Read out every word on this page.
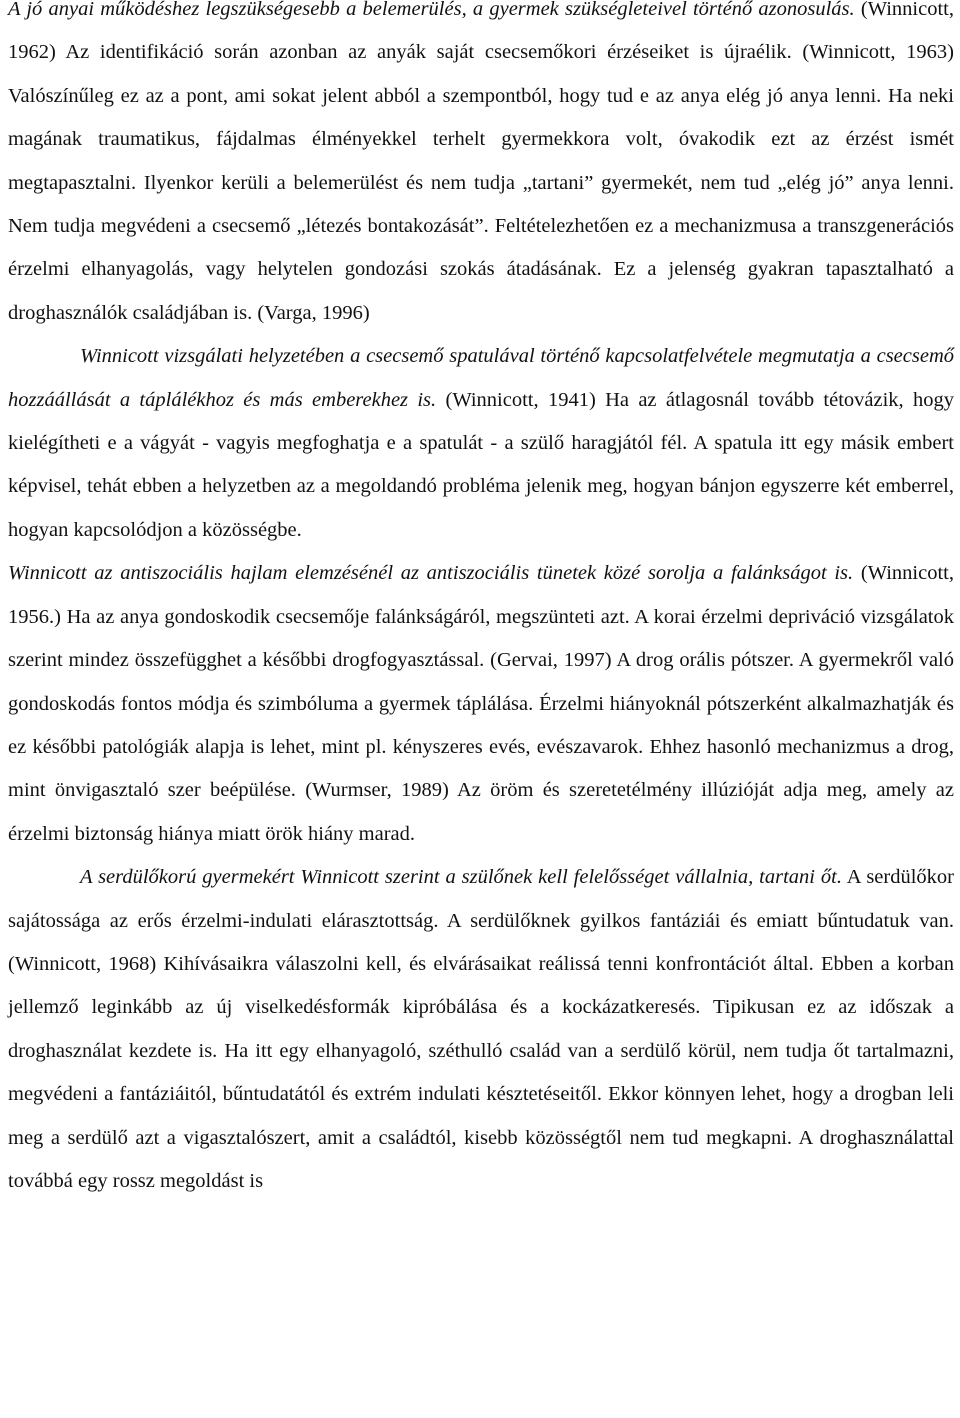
A jó anyai működéshez legszükségesebb a belemerülés, a gyermek szükségleteivel történő azonosulás. (Winnicott, 1962) Az identifikáció során azonban az anyák saját csecsemőkori érzéseiket is újraélik. (Winnicott, 1963) Valószínűleg ez az a pont, ami sokat jelent abból a szempontból, hogy tud e az anya elég jó anya lenni. Ha neki magának traumatikus, fájdalmas élményekkel terhelt gyermekkora volt, óvakodik ezt az érzést ismét megtapasztalni. Ilyenkor kerüli a belemerülést és nem tudja „tartani” gyermekét, nem tud „elég jó” anya lenni. Nem tudja megvédeni a csecsemő „létezés bontakozását”. Feltételezhetően ez a mechanizmusa a transzgenerációs érzelmi elhanyagolás, vagy helytelen gondozási szokás átadásának. Ez a jelenség gyakran tapasztalható a droghasználók családjában is. (Varga, 1996)

Winnicott vizsgálati helyzetében a csecsemő spatulával történő kapcsolatfelvétele megmutatja a csecsemő hozzáállását a táplálékhoz és más emberekhez is. (Winnicott, 1941) Ha az átlagosnál tovább tétovázik, hogy kielégítheti e a vágyát - vagyis megfoghatja e a spatulát - a szülő haragjától fél. A spatula itt egy másik embert képvisel, tehát ebben a helyzetben az a megoldandó probléma jelenik meg, hogyan bánjon egyszerre két emberrel, hogyan kapcsolódjon a közösségbe.

Winnicott az antiszociális hajlam elemzésénél az antiszociális tünetek közé sorolja a falánkságot is. (Winnicott, 1956.) Ha az anya gondoskodik csecsemője falánkságáról, megszünteti azt. A korai érzelmi depriváció vizsgálatok szerint mindez összefügghet a későbbi drogfogyasztással. (Gervai, 1997) A drog orális pótszer. A gyermekről való gondoskodás fontos módja és szimbóluma a gyermek táplálása. Érzelmi hiányoknál pótszerként alkalmazhatják és ez későbbi patológiák alapja is lehet, mint pl. kényszeres evés, evészavarok. Ehhez hasonló mechanizmus a drog, mint önvigasztaló szer beépülése. (Wurmser, 1989) Az öröm és szeretetélmény illúzióját adja meg, amely az érzelmi biztonság hiánya miatt örök hiány marad.

A serdülőkorú gyermekért Winnicott szerint a szülőnek kell felelősséget vállalnia, tartani őt. A serdülőkor sajátossága az erős érzelmi-indulati elárasztottság. A serdülőknek gyilkos fantáziái és emiatt bűntudatuk van. (Winnicott, 1968) Kihívásaikra válaszolni kell, és elvárásaikat reálissá tenni konfrontációt által. Ebben a korban jellemző leginkább az új viselkedésformák kipróbálása és a kockázatkeresés. Tipikusan ez az időszak a droghasználat kezdete is. Ha itt egy elhanyagoló, széthulló család van a serdülő körül, nem tudja őt tartalmazni, megvédeni a fantáziáitól, bűntudatától és extrém indulati késztetéseitől. Ekkor könnyen lehet, hogy a drogban leli meg a serdülő azt a vigasztalószert, amit a családtól, kisebb közösségtől nem tud megkapni. A droghasználattal továbbá egy rossz megoldást is
